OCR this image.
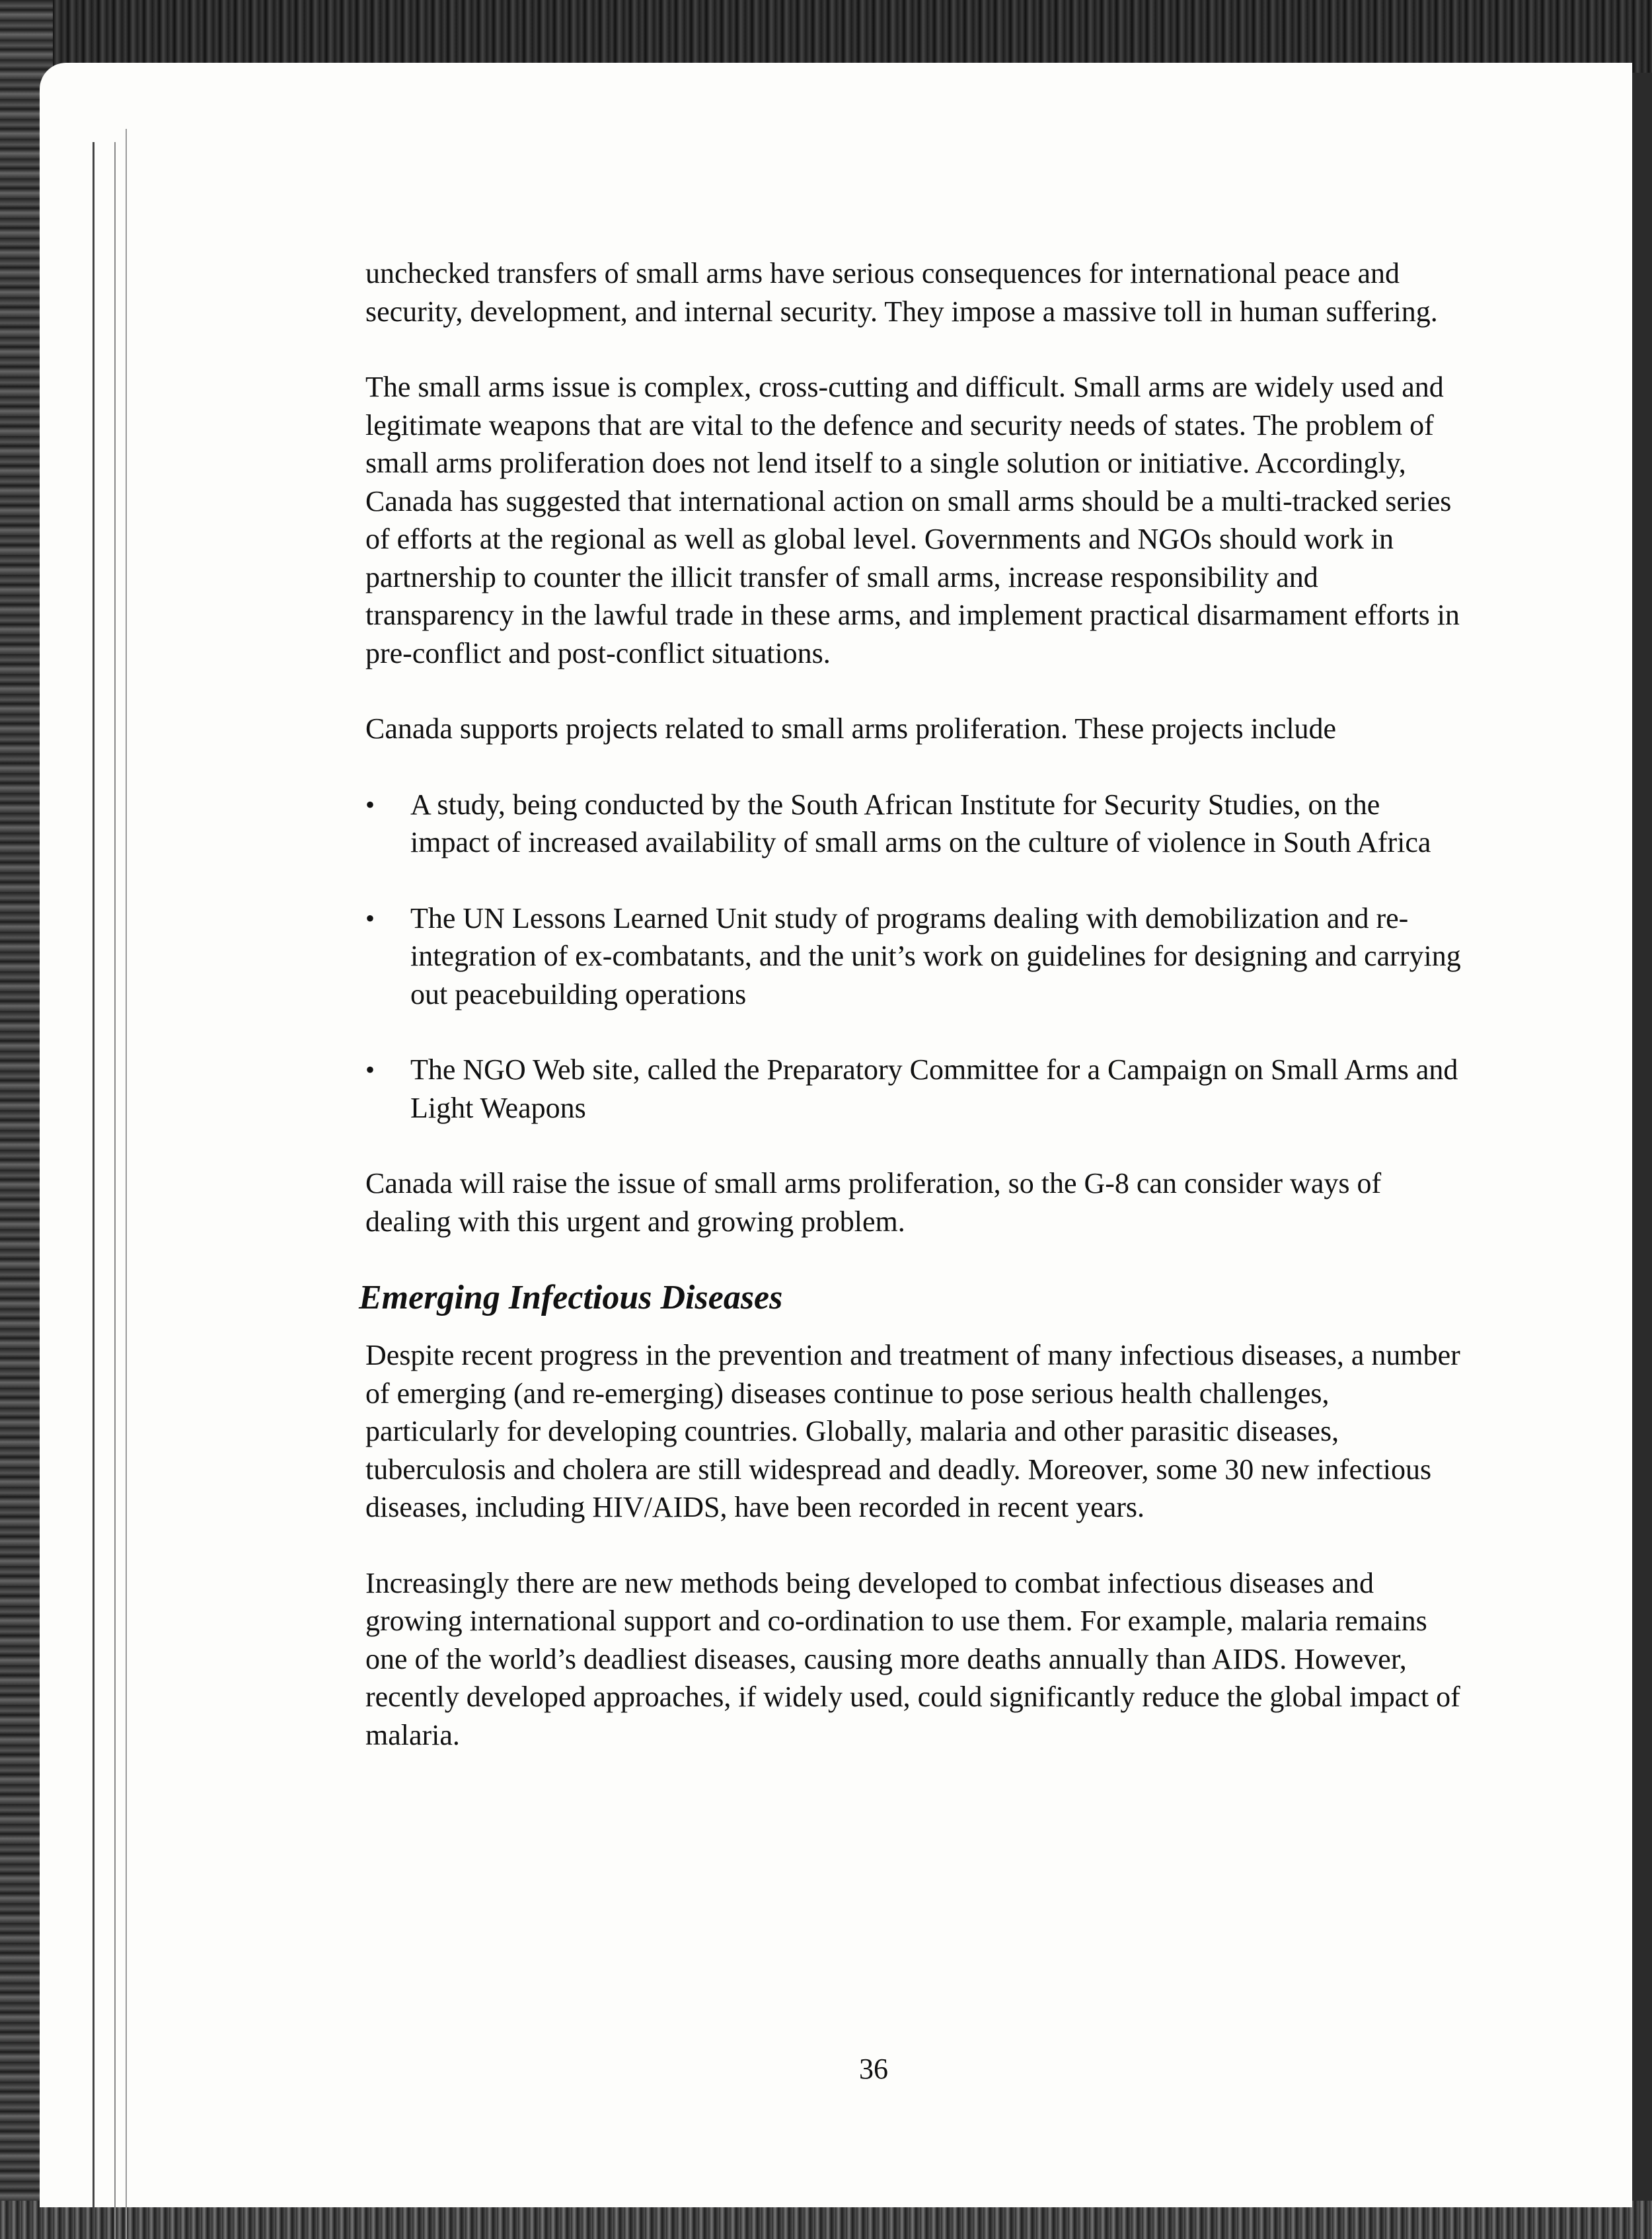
unchecked transfers of small arms have serious consequences for international peace and security, development, and internal security. They impose a massive toll in human suffering.

The small arms issue is complex, cross-cutting and difficult. Small arms are widely used and legitimate weapons that are vital to the defence and security needs of states. The problem of small arms proliferation does not lend itself to a single solution or initiative. Accordingly, Canada has suggested that international action on small arms should be a multi-tracked series of efforts at the regional as well as global level. Governments and NGOs should work in partnership to counter the illicit transfer of small arms, increase responsibility and transparency in the lawful trade in these arms, and implement practical disarmament efforts in pre-conflict and post-conflict situations.

Canada supports projects related to small arms proliferation. These projects include

• A study, being conducted by the South African Institute for Security Studies, on the impact of increased availability of small arms on the culture of violence in South Africa
• The UN Lessons Learned Unit study of programs dealing with demobilization and re-integration of ex-combatants, and the unit’s work on guidelines for designing and carrying out peacebuilding operations
• The NGO Web site, called the Preparatory Committee for a Campaign on Small Arms and Light Weapons

Canada will raise the issue of small arms proliferation, so the G-8 can consider ways of dealing with this urgent and growing problem.

Emerging Infectious Diseases

Despite recent progress in the prevention and treatment of many infectious diseases, a number of emerging (and re-emerging) diseases continue to pose serious health challenges, particularly for developing countries. Globally, malaria and other parasitic diseases, tuberculosis and cholera are still widespread and deadly. Moreover, some 30 new infectious diseases, including HIV/AIDS, have been recorded in recent years.

Increasingly there are new methods being developed to combat infectious diseases and growing international support and co-ordination to use them. For example, malaria remains one of the world’s deadliest diseases, causing more deaths annually than AIDS. However, recently developed approaches, if widely used, could significantly reduce the global impact of malaria.

36
